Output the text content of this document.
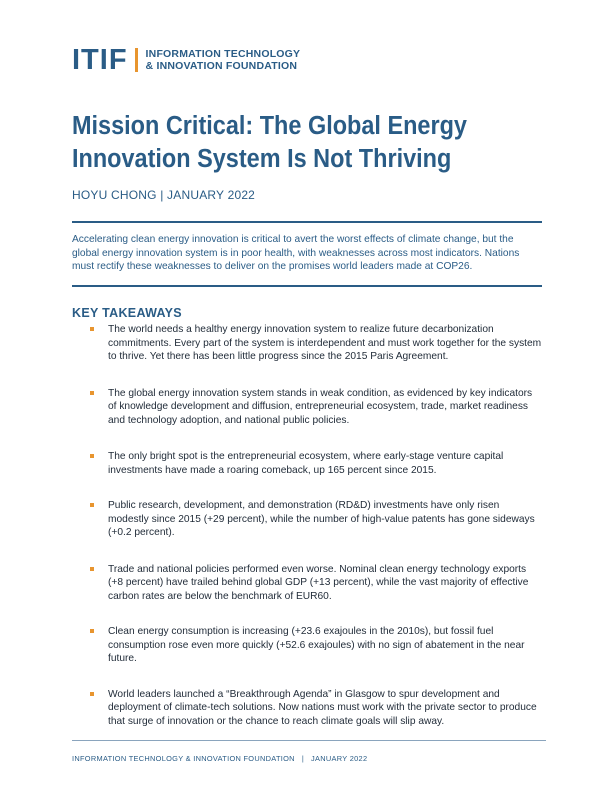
ITIF INFORMATION TECHNOLOGY
& INNOVATION FOUNDATION
Mission Critical: The Global Energy
Innovation System Is Not Thriving
HOYU CHONG | JANUARY 2022

Accelerating clean energy innovation is critical to avert the worst effects of climate change, but the global energy innovation system is in poor health, with weaknesses across most indicators. Nations must rectify these weaknesses to deliver on the promises world leaders made at COP26.

KEY TAKEAWAYS
The world needs a healthy energy innovation system to realize future decarbonization commitments. Every part of the system is interdependent and must work together for the system to thrive. Yet there has been little progress since the 2015 Paris Agreement.
The global energy innovation system stands in weak condition, as evidenced by key indicators of knowledge development and diffusion, entrepreneurial ecosystem, trade, market readiness and technology adoption, and national public policies.
The only bright spot is the entrepreneurial ecosystem, where early-stage venture capital investments have made a roaring comeback, up 165 percent since 2015.
Public research, development, and demonstration (RD&D) investments have only risen modestly since 2015 (+29 percent), while the number of high-value patents has gone sideways (+0.2 percent).
Trade and national policies performed even worse. Nominal clean energy technology exports (+8 percent) have trailed behind global GDP (+13 percent), while the vast majority of effective carbon rates are below the benchmark of EUR60.
Clean energy consumption is increasing (+23.6 exajoules in the 2010s), but fossil fuel consumption rose even more quickly (+52.6 exajoules) with no sign of abatement in the near future.
World leaders launched a “Breakthrough Agenda” in Glasgow to spur development and deployment of climate-tech solutions. Now nations must work with the private sector to produce that surge of innovation or the chance to reach climate goals will slip away.
INFORMATION TECHNOLOGY & INNOVATION FOUNDATION | JANUARY 2022
